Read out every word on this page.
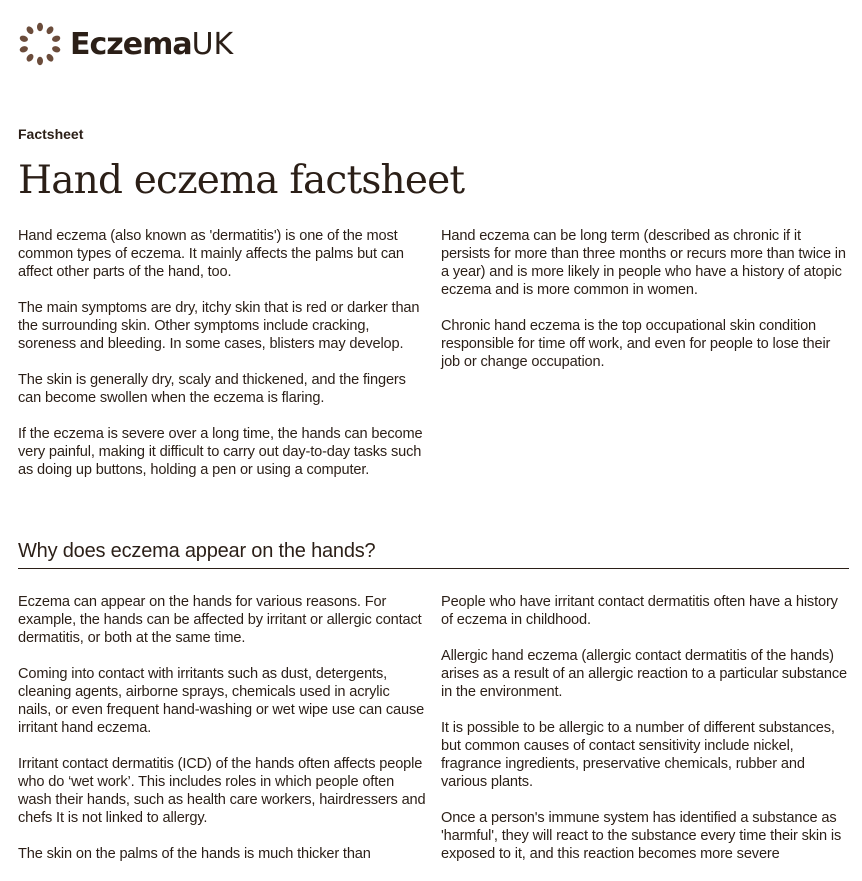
EczemaUK
Factsheet
Hand eczema factsheet

Hand eczema (also known as 'dermatitis') is one of the most common types of eczema. It mainly affects the palms but can affect other parts of the hand, too.

The main symptoms are dry, itchy skin that is red or darker than the surrounding skin. Other symptoms include cracking, soreness and bleeding. In some cases, blisters may develop.

The skin is generally dry, scaly and thickened, and the fingers can become swollen when the eczema is flaring.

If the eczema is severe over a long time, the hands can become very painful, making it difficult to carry out day-to-day tasks such as doing up buttons, holding a pen or using a computer.

Hand eczema can be long term (described as chronic if it persists for more than three months or recurs more than twice in a year) and is more likely in people who have a history of atopic eczema and is more common in women.

Chronic hand eczema is the top occupational skin condition responsible for time off work, and even for people to lose their job or change occupation.

Why does eczema appear on the hands?

Eczema can appear on the hands for various reasons. For example, the hands can be affected by irritant or allergic contact dermatitis, or both at the same time.

Coming into contact with irritants such as dust, detergents, cleaning agents, airborne sprays, chemicals used in acrylic nails, or even frequent hand-washing or wet wipe use can cause irritant hand eczema.

Irritant contact dermatitis (ICD) of the hands often affects people who do ‘wet work’. This includes roles in which people often wash their hands, such as health care workers, hairdressers and chefs It is not linked to allergy.

The skin on the palms of the hands is much thicker than

People who have irritant contact dermatitis often have a history of eczema in childhood.

Allergic hand eczema (allergic contact dermatitis of the hands) arises as a result of an allergic reaction to a particular substance in the environment.

It is possible to be allergic to a number of different substances, but common causes of contact sensitivity include nickel, fragrance ingredients, preservative chemicals, rubber and various plants.

Once a person's immune system has identified a substance as 'harmful', they will react to the substance every time their skin is exposed to it, and this reaction becomes more severe
